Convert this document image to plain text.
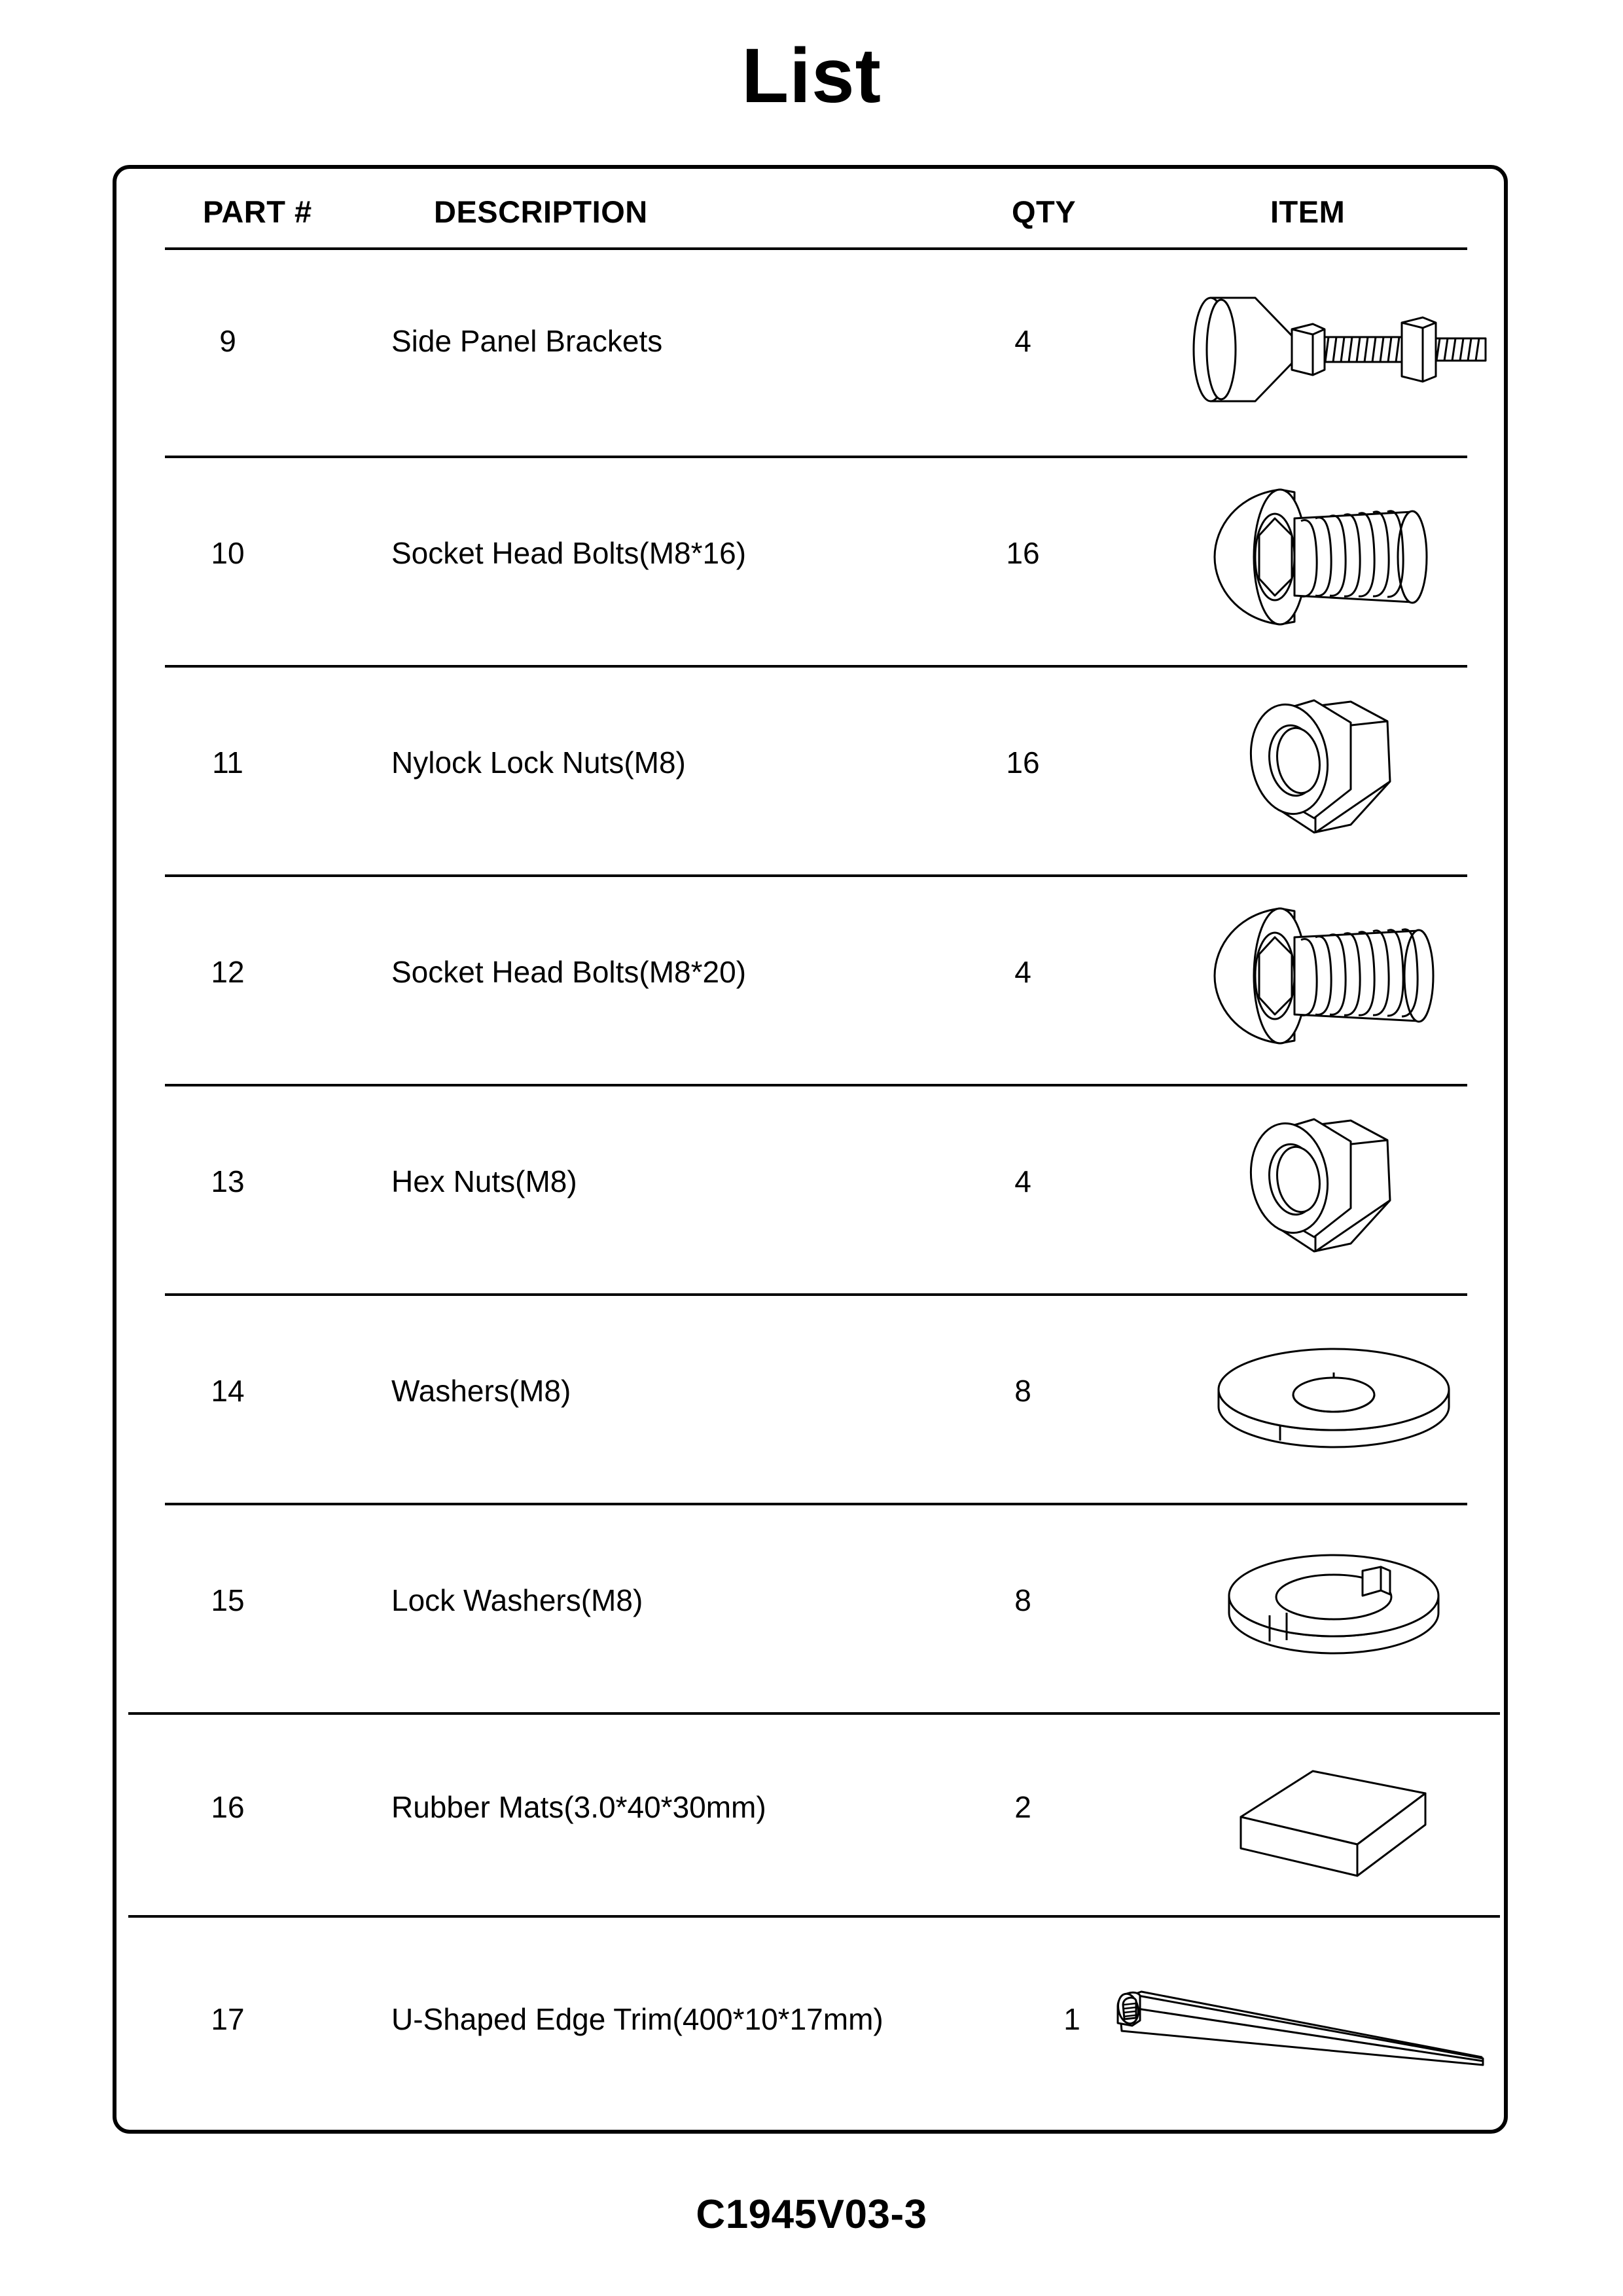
List
PART #	DESCRIPTION	QTY	ITEM
9	Side Panel Brackets	4
10	Socket Head Bolts(M8*16)	16
11	Nylock Lock Nuts(M8)	16
12	Socket Head Bolts(M8*20)	4
13	Hex Nuts(M8)	4
14	Washers(M8)	8
15	Lock Washers(M8)	8
16	Rubber Mats(3.0*40*30mm)	2
17	U-Shaped Edge Trim(400*10*17mm)	1
C1945V03-3
